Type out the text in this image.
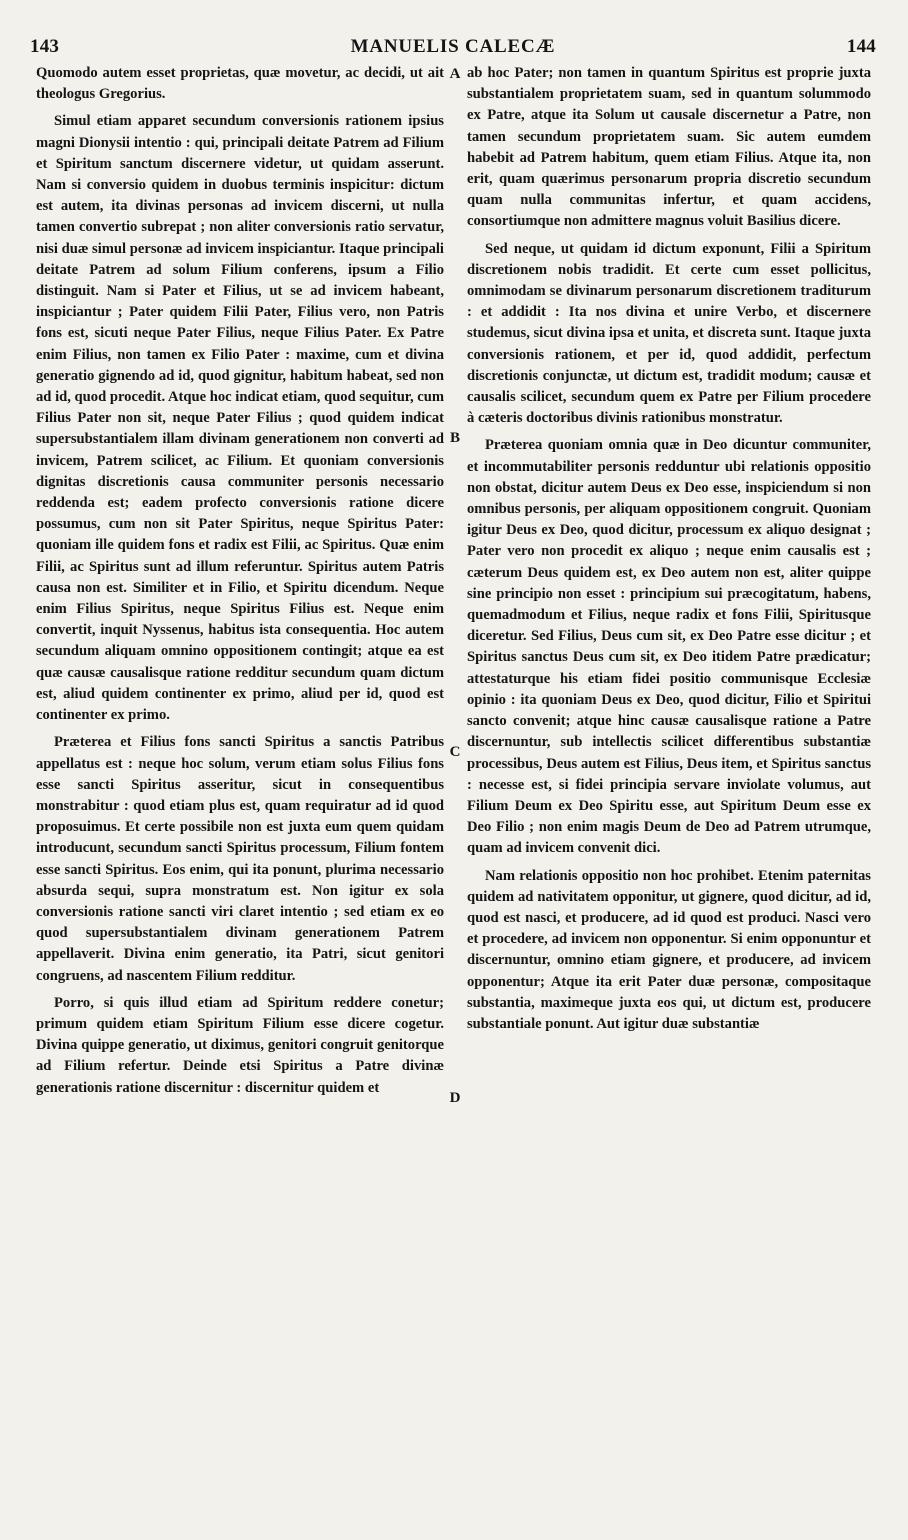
143	MANUELIS CALECÆ	144

Quomodo autem esset proprietas, quæ movetur, ac decidi, ut ait theologus Gregorius.

Simul etiam apparet secundum conversionis rationem ipsius magni Dionysii intentio : qui, principali deitate Patrem ad Filium et Spiritum sanctum discernere videtur, ut quidam asserunt. Nam si conversio quidem in duobus terminis inspicitur: dictum est autem, ita divinas personas ad invicem discerni, ut nulla tamen convertio subrepat ; non aliter conversionis ratio servatur, nisi duæ simul personæ ad invicem inspiciantur. Itaque principali deitate Patrem ad solum Filium conferens, ipsum a Filio distinguit. Nam si Pater et Filius, ut se ad invicem habeant, inspiciantur ; Pater quidem Filii Pater, Filius vero, non Patris fons est, sicuti neque Pater Filius, neque Filius Pater. Ex Patre enim Filius, non tamen ex Filio Pater : maxime, cum et divina generatio gignendo ad id, quod gignitur, habitum habeat, sed non ad id, quod procedit. Atque hoc indicat etiam, quod sequitur, cum Filius Pater non sit, neque Pater Filius ; quod quidem indicat supersubstantialem illam divinam generationem non converti ad invicem, Patrem scilicet, ac Filium. Et quoniam conversionis dignitas discretionis causa communiter personis necessario reddenda est; eadem profecto conversionis ratione dicere possumus, cum non sit Pater Spiritus, neque Spiritus Pater: quoniam ille quidem fons et radix est Filii, ac Spiritus. Quæ enim Filii, ac Spiritus sunt ad illum referuntur. Spiritus autem Patris causa non est. Similiter et in Filio, et Spiritu dicendum. Neque enim Filius Spiritus, neque Spiritus Filius est. Neque enim convertit, inquit Nyssenus, habitus ista consequentia. Hoc autem secundum aliquam omnino oppositionem contingit; atque ea est quæ causæ causalisque ratione redditur secundum quam dictum est, aliud quidem continenter ex primo, aliud per id, quod est continenter ex primo.

Præterea et Filius fons sancti Spiritus a sanctis Patribus appellatus est : neque hoc solum, verum etiam solus Filius fons esse sancti Spiritus asseritur, sicut in consequentibus monstrabitur : quod etiam plus est, quam requiratur ad id quod proposuimus. Et certe possibile non est juxta eum quem quidam introducunt, secundum sancti Spiritus processum, Filium fontem esse sancti Spiritus. Eos enim, qui ita ponunt, plurima necessario absurda sequi, supra monstratum est. Non igitur ex sola conversionis ratione sancti viri claret intentio ; sed etiam ex eo quod supersubstantialem divinam generationem Patrem appellaverit. Divina enim generatio, ita Patri, sicut genitori congruens, ad nascentem Filium redditur.

Porro, si quis illud etiam ad Spiritum reddere conetur; primum quidem etiam Spiritum Filium esse dicere cogetur. Divina quippe generatio, ut diximus, genitori congruit genitorque ad Filium refertur. Deinde etsi Spiritus a Patre divinæ generationis ratione discernitur : discernitur quidem et

A
B
C
D

ab hoc Pater; non tamen in quantum Spiritus est proprie juxta substantialem proprietatem suam, sed in quantum solummodo ex Patre, atque ita Solum ut causale discernetur a Patre, non tamen secundum proprietatem suam. Sic autem eumdem habebit ad Patrem habitum, quem etiam Filius. Atque ita, non erit, quam quærimus personarum propria discretio secundum quam nulla communitas infertur, et quam accidens, consortiumque non admittere magnus voluit Basilius dicere.

Sed neque, ut quidam id dictum exponunt, Filii a Spiritum discretionem nobis tradidit. Et certe cum esset pollicitus, omnimodam se divinarum personarum discretionem traditurum : et addidit : Ita nos divina et unire Verbo, et discernere studemus, sicut divina ipsa et unita, et discreta sunt. Itaque juxta conversionis rationem, et per id, quod addidit, perfectum discretionis conjunctæ, ut dictum est, tradidit modum; causæ et causalis scilicet, secundum quem ex Patre per Filium procedere à cæteris doctoribus divinis rationibus monstratur.

Præterea quoniam omnia quæ in Deo dicuntur communiter, et incommutabiliter personis redduntur ubi relationis oppositio non obstat, dicitur autem Deus ex Deo esse, inspiciendum si non omnibus personis, per aliquam oppositionem congruit. Quoniam igitur Deus ex Deo, quod dicitur, processum ex aliquo designat ; Pater vero non procedit ex aliquo ; neque enim causalis est ; cæterum Deus quidem est, ex Deo autem non est, aliter quippe sine principio non esset : principium sui præcogitatum, habens, quemadmodum et Filius, neque radix et fons Filii, Spiritusque diceretur. Sed Filius, Deus cum sit, ex Deo Patre esse dicitur ; et Spiritus sanctus Deus cum sit, ex Deo itidem Patre prædicatur; attestaturque his etiam fidei positio communisque Ecclesiæ opinio : ita quoniam Deus ex Deo, quod dicitur, Filio et Spiritui sancto convenit; atque hinc causæ causalisque ratione a Patre discernuntur, sub intellectis scilicet differentibus substantiæ processibus, Deus autem est Filius, Deus item, et Spiritus sanctus : necesse est, si fidei principia servare inviolate volumus, aut Filium Deum ex Deo Spiritu esse, aut Spiritum Deum esse ex Deo Filio ; non enim magis Deum de Deo ad Patrem utrumque, quam ad invicem convenit dici.

Nam relationis oppositio non hoc prohibet. Etenim paternitas quidem ad nativitatem opponitur, ut gignere, quod dicitur, ad id, quod est nasci, et producere, ad id quod est produci. Nasci vero et procedere, ad invicem non opponentur. Si enim opponuntur et discernuntur, omnino etiam gignere, et producere, ad invicem opponentur; Atque ita erit Pater duæ personæ, compositaque substantia, maximeque juxta eos qui, ut dictum est, producere substantiale ponunt. Aut igitur duæ substantiæ
